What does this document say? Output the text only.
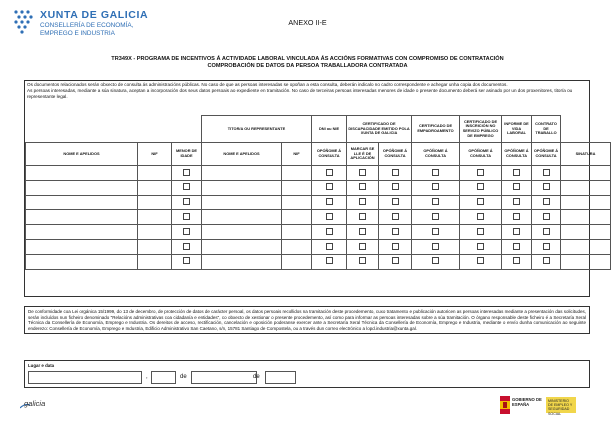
XUNTA DE GALICIA
CONSELLERÍA DE ECONOMÍA,
EMPREGO E INDUSTRIA
ANEXO II-E
TR349X - PROGRAMA DE INCENTIVOS Á ACTIVIDADE LABORAL VINCULADA ÁS ACCIÓNS FORMATIVAS CON COMPROMISO DE CONTRATACIÓN
COMPROBACIÓN DE DATOS DA PERSOA TRABALLADORA CONTRATADA
Os documentos relacionados serán obxecto de consulta ás administracións públicas. No caso de que as persoas interesadas se opoñan a esta consulta, deberán indicalo no cadro correspondente e achegar unha copia dos documentos.
As persoas interesadas, mediante a súa sinatura, aceptan a incorporación dos seus datos persoais ao expediente en tramitación. No caso de terceiras persoas interesadas menores de idade o presente documento deberá ser asinado por un dos proxenitores, titor/a ou representante legal.
			TITOR/A OU REPRESENTANTE		DNI ou NIE	CERTIFICADO DE DISCAPACIDADE EMITIDO POLA XUNTA DE GALICIA		CERTIFICADO DE EMPADROAMENTO	CERTIFICADO DE INSCRICIÓN NO SERVIZO PÚBLICO DE EMPREGO	INFORME DE VIDA LABORAL	CONTRATO DE TRABALLO	
NOME E APELIDOS	NIF	MENOR DE IDADE	NOME E APELIDOS	NIF	OPÓÑOME Á CONSULTA	MARCAR SE LLE É DE APLICACIÓN	OPÓÑOME Á CONSULTA	OPÓÑOME Á CONSULTA	OPÓÑOME Á CONSULTA	OPÓÑOME Á CONSULTA	OPÓÑOME Á CONSULTA	SINATURA

De conformidade coa Lei orgánica 15/1999, do 13 de decembro, de protección de datos de carácter persoal, os datos persoais recollidos na tramitación deste procedemento, cuxo tratamento e publicación autoricen as persoas interesadas mediante a presentación das solicitudes, serán incluídos nun ficheiro denominado "Relacións administrativas coa cidadanía e entidades", co obxecto de xestionar o presente procedemento, así como para informar as persoas interesadas sobre a súa tramitación. O órgano responsable deste ficheiro é a Secretaría Xeral Técnica da Consellería de Economía, Emprego e Industria. Os dereitos de acceso, rectificación, cancelación e oposición poderanse exercer ante a Secretaría Xeral Técnica da Consellería de Economía, Emprego e Industria, mediante o envío dunha comunicación ao seguinte enderezo: Consellería de Economía, Emprego e Industria, Edificio Administrativo San Caetano, s/n, 15781 Santiago de Compostela, ou a través dun correo electrónico a lopd.industria@xunta.gal.
Lugar e data
,	de	de
galicia	GOBIERNO DE ESPAÑA
MINISTERIO DE EMPLEO Y SEGURIDAD SOCIAL
